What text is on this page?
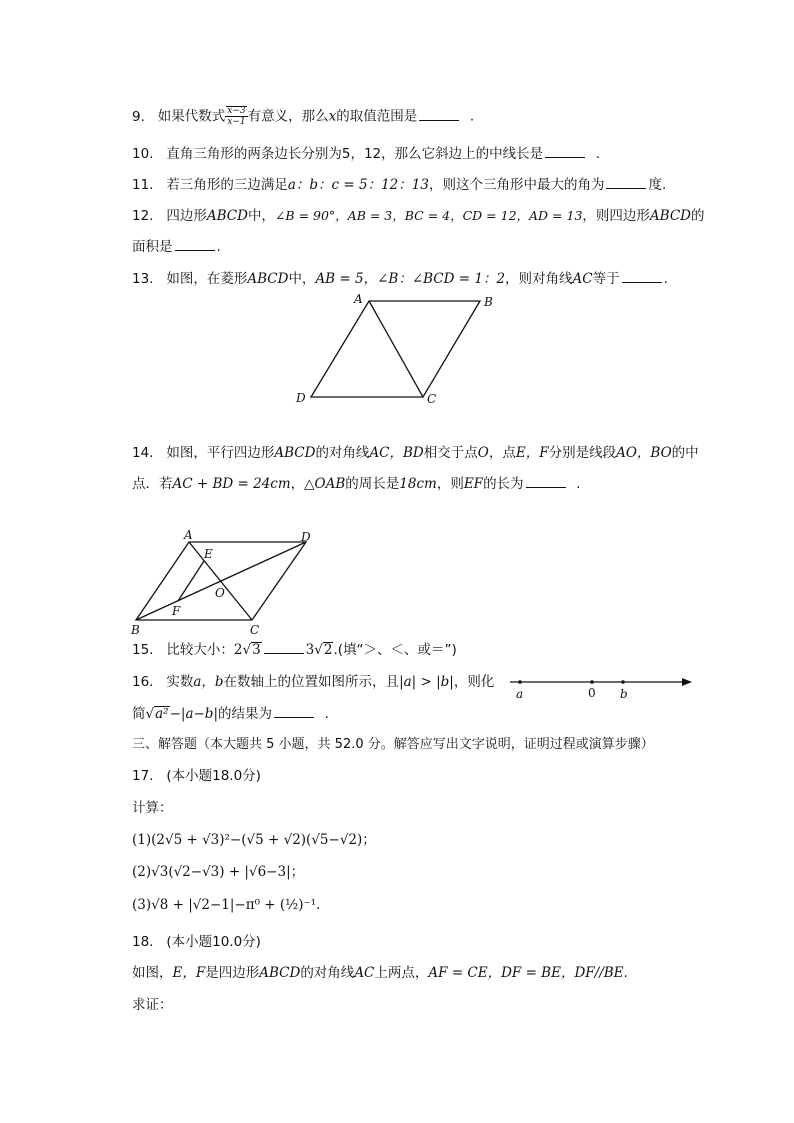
9. 如果代数式 $\frac{x-3}{x-1}$ 有意义，那么x的取值范围是	.
10. 直角三角形的两条边长分别为5，12，那么它斜边上的中线长是	.
11. 若三角形的三边满足a：b：c = 5：12：13，则这个三角形中最大的角为	度.
12. 四边形ABCD中，∠B = 90°，AB = 3，BC = 4，CD = 12，AD = 13，则四边形ABCD的
面积是	.
13. 如图，在菱形ABCD中，AB = 5，∠B：∠BCD = 1：2，则对角线AC等于	.
A	B
C
D
14. 如图，平行四边形ABCD的对角线AC，BD相交于点O，点E，F分别是线段AO，BO的中
点．若AC + BD = 24cm，△OAB的周长是18cm，则EF的长为	.
A	D
B	C
E
F
O
15. 比较大小：2√3	3√2.(填“＞、＜、或＝”)
16. 实数a，b在数轴上的位置如图所示，且|a| > |b|，则化
简√a²−|a−b|的结果为	.
a	0 b
三、解答题（本大题共 5 小题，共 52.0 分。解答应写出文字说明，证明过程或演算步骤）
17. (本小题18.0分)
计算：
(1)(2√5 + √3)²−(√5 + √2)(√5−√2)；
(2)√3(√2−√3) + |√6−3|；
(3)√8 + |√2−1|−π⁰ + (½)⁻¹.
18. (本小题10.0分)
如图，E，F是四边形ABCD的对角线AC上两点，AF = CE，DF = BE，DF//BE.
求证：
